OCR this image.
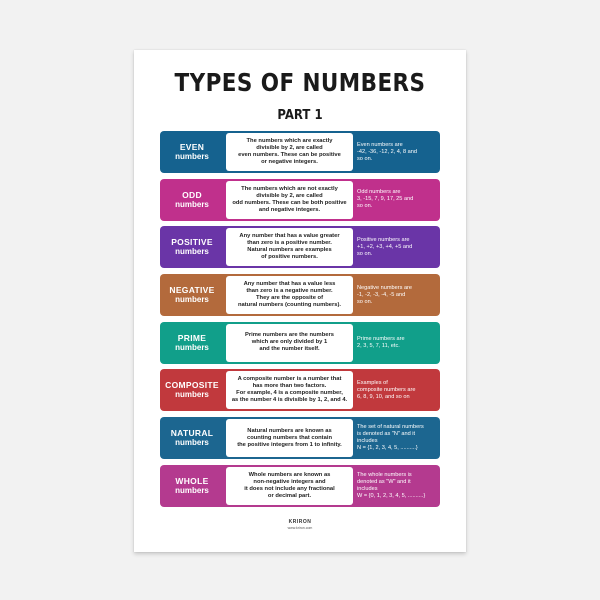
TYPES OF NUMBERS
PART 1
EVEN
numbers
The numbers which are exactly
divisible by 2, are called
even numbers. These can be positive
or negative integers.
Even numbers are
-42, -36, -12, 2, 4, 8 and
so on.
ODD
numbers
The numbers which are not exactly
divisible by 2, are called
odd numbers. These can be both positive
and negative integers.
Odd numbers are
3, -15, 7, 9, 17, 25 and
so on.
POSITIVE
numbers
Any number that has a value greater
than zero is a positive number.
Natural numbers are examples
of positive numbers.
Positive numbers are
+1, +2, +3, +4, +5 and
so on.
NEGATIVE
numbers
Any number that has a value less
than zero is a negative number.
They are the opposite of
natural numbers (counting numbers).
Negative numbers are
-1, -2, -3, -4, -5 and
so on.
PRIME
numbers
Prime numbers are the numbers
which are only divided by 1
and the number itself.
Prime numbers are
2, 3, 5, 7, 11, etc.
COMPOSITE
numbers
A composite number is a number that
has more than two factors.
For example, 4 is a composite number,
as the number 4 is divisible by 1, 2, and 4.
Examples of
composite numbers are
6, 8, 9, 10, and so on
NATURAL
numbers
Natural numbers are known as
counting numbers that contain
the positive integers from 1 to infinity.
The set of natural numbers
is denoted as "N" and it
includes
N = {1, 2, 3, 4, 5, ..........}
WHOLE
numbers
Whole numbers are known as
non-negative integers and
it does not include any fractional
or decimal part.
The whole numbers is
denoted as "W" and it
includes
W = {0, 1, 2, 3, 4, 5, ..........}
KRIRON
www.kriron.com
